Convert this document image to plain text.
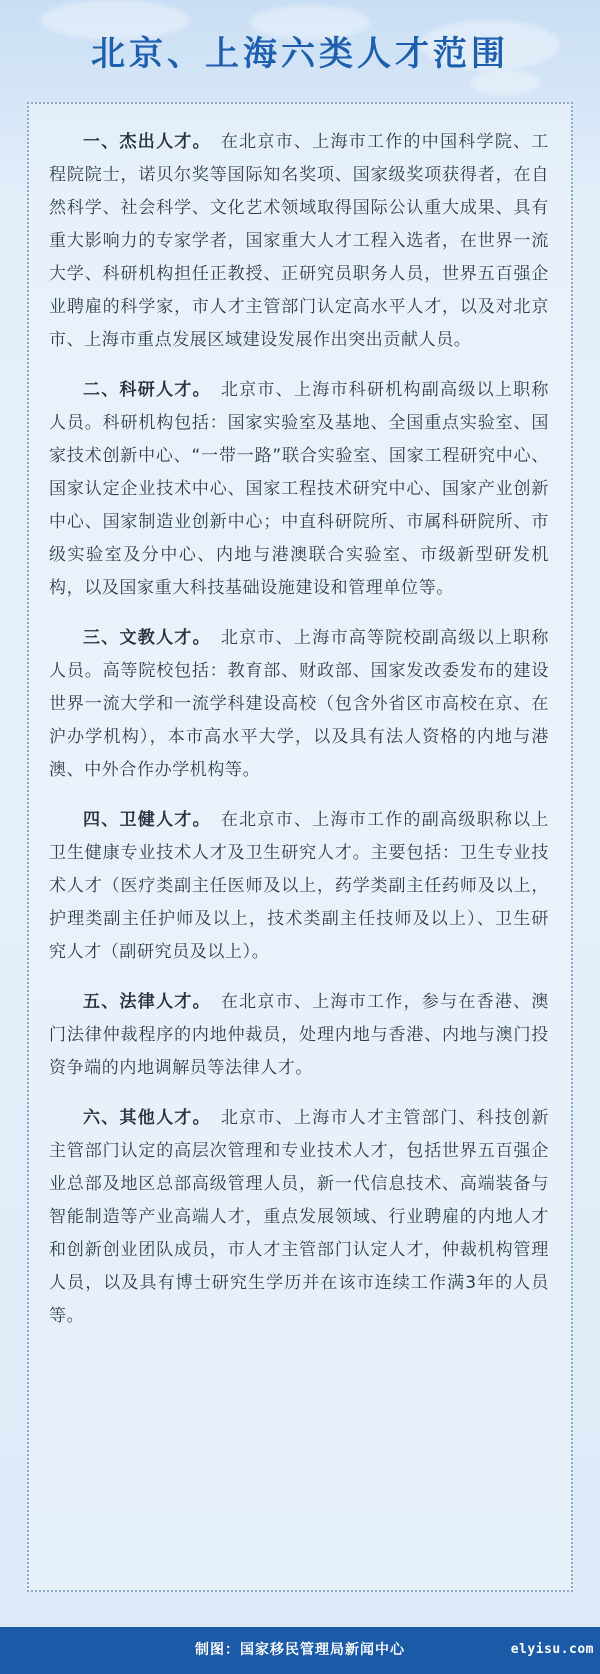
北京、上海六类人才范围

一、杰出人才。 在北京市、上海市工作的中国科学院、工程院院士，诺贝尔奖等国际知名奖项、国家级奖项获得者，在自然科学、社会科学、文化艺术领域取得国际公认重大成果、具有重大影响力的专家学者，国家重大人才工程入选者，在世界一流大学、科研机构担任正教授、正研究员职务人员，世界五百强企业聘雇的科学家，市人才主管部门认定高水平人才，以及对北京市、上海市重点发展区域建设发展作出突出贡献人员。

二、科研人才。 北京市、上海市科研机构副高级以上职称人员。科研机构包括：国家实验室及基地、全国重点实验室、国家技术创新中心、“一带一路”联合实验室、国家工程研究中心、国家认定企业技术中心、国家工程技术研究中心、国家产业创新中心、国家制造业创新中心；中直科研院所、市属科研院所、市级实验室及分中心、内地与港澳联合实验室、市级新型研发机构，以及国家重大科技基础设施建设和管理单位等。

三、文教人才。 北京市、上海市高等院校副高级以上职称人员。高等院校包括：教育部、财政部、国家发改委发布的建设世界一流大学和一流学科建设高校（包含外省区市高校在京、在沪办学机构），本市高水平大学，以及具有法人资格的内地与港澳、中外合作办学机构等。

四、卫健人才。 在北京市、上海市工作的副高级职称以上卫生健康专业技术人才及卫生研究人才。主要包括：卫生专业技术人才（医疗类副主任医师及以上，药学类副主任药师及以上，护理类副主任护师及以上，技术类副主任技师及以上）、卫生研究人才（副研究员及以上）。

五、法律人才。 在北京市、上海市工作，参与在香港、澳门法律仲裁程序的内地仲裁员，处理内地与香港、内地与澳门投资争端的内地调解员等法律人才。

六、其他人才。 北京市、上海市人才主管部门、科技创新主管部门认定的高层次管理和专业技术人才，包括世界五百强企业总部及地区总部高级管理人员，新一代信息技术、高端装备与智能制造等产业高端人才，重点发展领域、行业聘雇的内地人才和创新创业团队成员，市人才主管部门认定人才，仲裁机构管理人员，以及具有博士研究生学历并在该市连续工作满3年的人员等。

制图：国家移民管理局新闻中心	elyisu.com
